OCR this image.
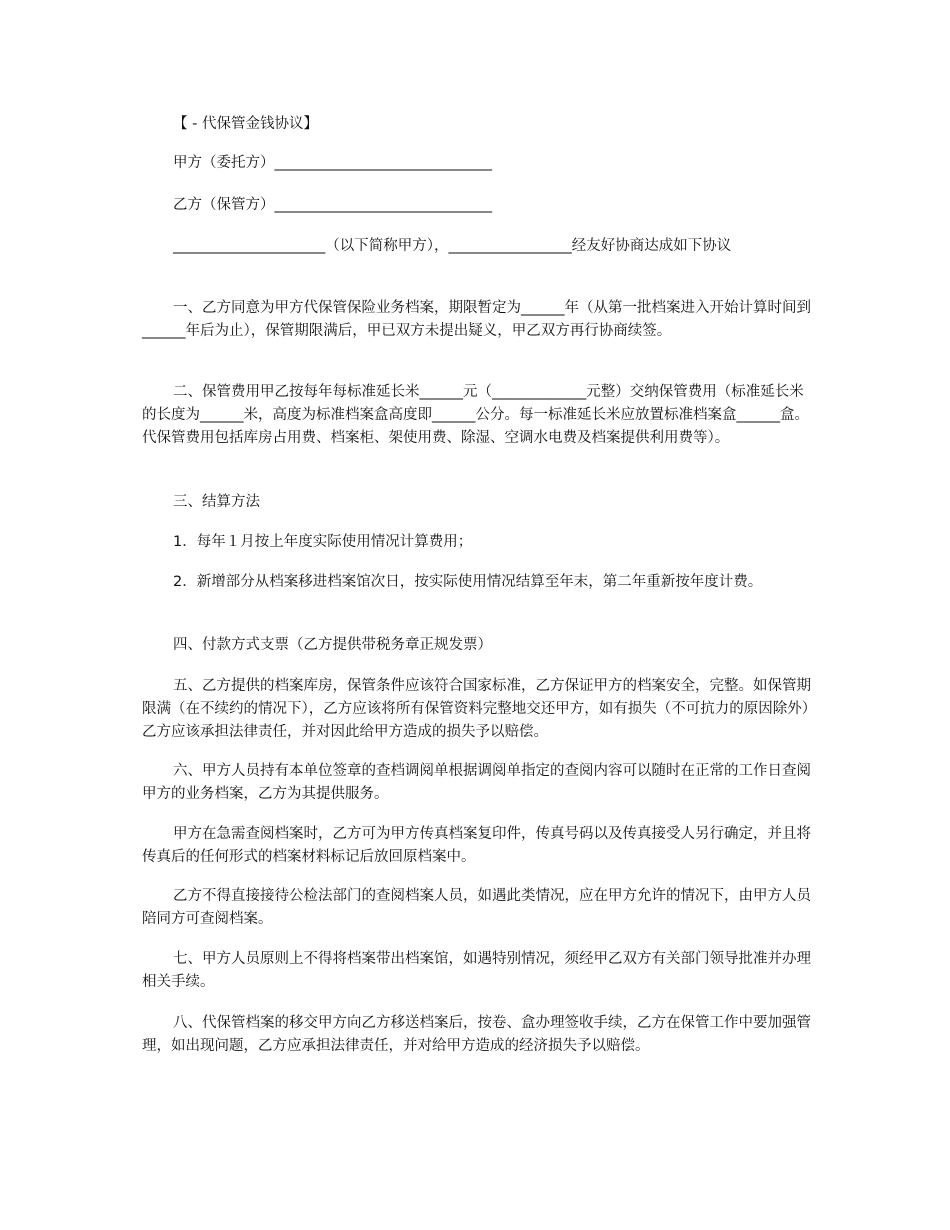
【 - 代保管金钱协议】

甲方（委托方）______________________________

乙方（保管方）______________________________

_____________________（以下简称甲方），_________________经友好协商达成如下协议

一、乙方同意为甲方代保管保险业务档案，期限暂定为______年（从第一批档案进入开始计算时间到______年后为止），保管期限满后，甲已双方未提出疑义，甲乙双方再行协商续签。

二、保管费用甲乙按每年每标准延长米______元（_____________元整）交纳保管费用（标准延长米的长度为______米，高度为标准档案盒高度即______公分。每一标准延长米应放置标准档案盒______盒。代保管费用包括库房占用费、档案柜、架使用费、除湿、空调水电费及档案提供利用费等）。

三、结算方法

1．每年１月按上年度实际使用情况计算费用；

2．新增部分从档案移进档案馆次日，按实际使用情况结算至年末，第二年重新按年度计费。

四、付款方式支票（乙方提供带税务章正规发票）

五、乙方提供的档案库房，保管条件应该符合国家标准，乙方保证甲方的档案安全，完整。如保管期限满（在不续约的情况下），乙方应该将所有保管资料完整地交还甲方，如有损失（不可抗力的原因除外）乙方应该承担法律责任，并对因此给甲方造成的损失予以赔偿。

六、甲方人员持有本单位签章的查档调阅单根据调阅单指定的查阅内容可以随时在正常的工作日查阅甲方的业务档案，乙方为其提供服务。

甲方在急需查阅档案时，乙方可为甲方传真档案复印件，传真号码以及传真接受人另行确定，并且将传真后的任何形式的档案材料标记后放回原档案中。

乙方不得直接接待公检法部门的查阅档案人员，如遇此类情况，应在甲方允许的情况下，由甲方人员陪同方可查阅档案。

七、甲方人员原则上不得将档案带出档案馆，如遇特别情况，须经甲乙双方有关部门领导批准并办理相关手续。

八、代保管档案的移交甲方向乙方移送档案后，按卷、盒办理签收手续，乙方在保管工作中要加强管理，如出现问题，乙方应承担法律责任，并对给甲方造成的经济损失予以赔偿。
